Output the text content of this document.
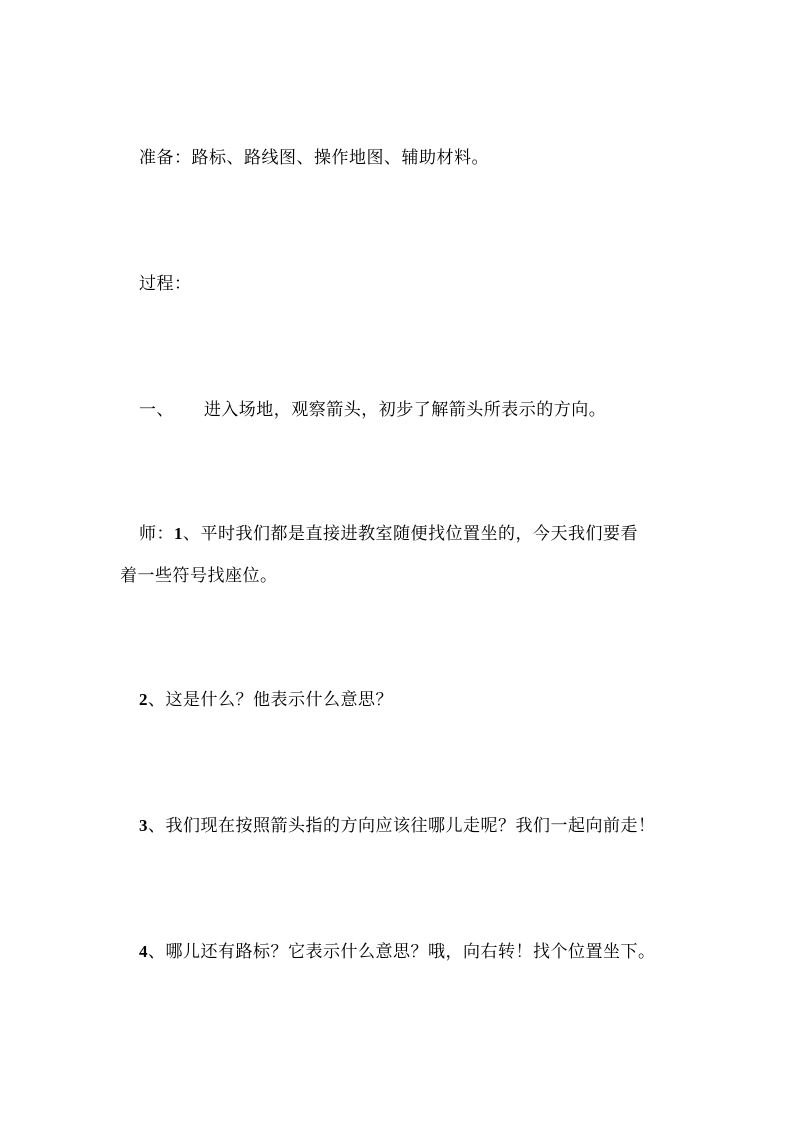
准备：路标、路线图、操作地图、辅助材料。
过程：
一、 进入场地，观察箭头，初步了解箭头所表示的方向。
师：1、平时我们都是直接进教室随便找位置坐的，今天我们要看
着一些符号找座位。
2、这是什么？他表示什么意思？
3、我们现在按照箭头指的方向应该往哪儿走呢？我们一起向前走！
4、哪儿还有路标？它表示什么意思？哦，向右转！找个位置坐下。
